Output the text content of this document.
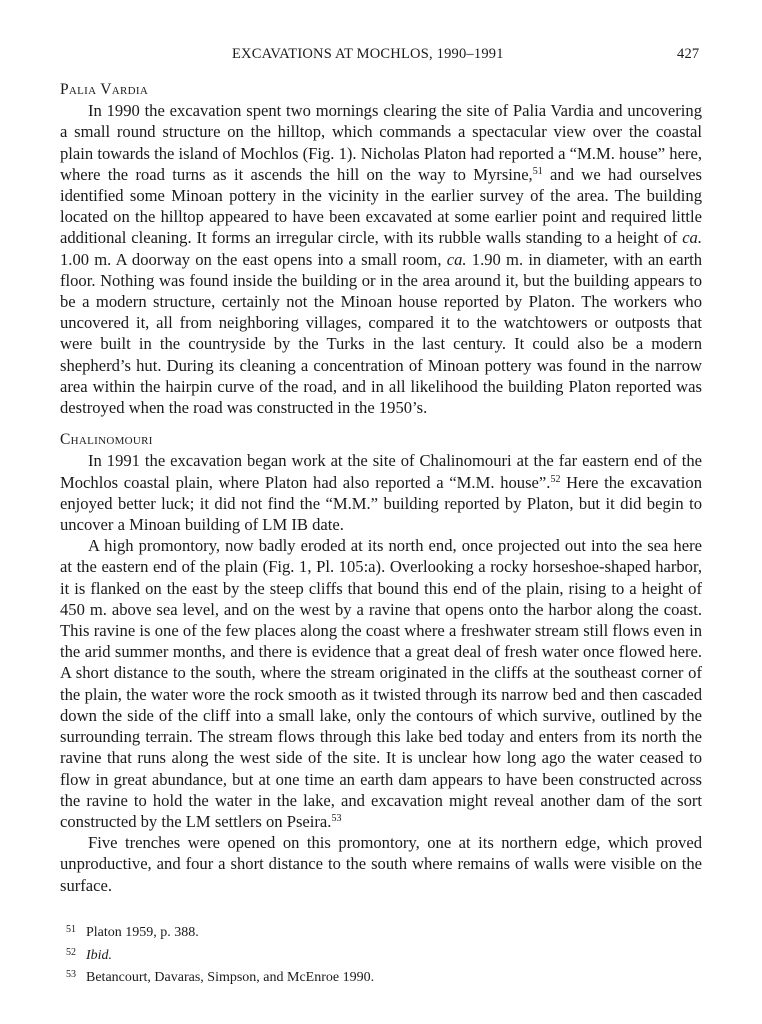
EXCAVATIONS AT MOCHLOS, 1990–1991	427
Palia Vardia

In 1990 the excavation spent two mornings clearing the site of Palia Vardia and uncovering a small round structure on the hilltop, which commands a spectacular view over the coastal plain towards the island of Mochlos (Fig. 1). Nicholas Platon had reported a “M.M. house” here, where the road turns as it ascends the hill on the way to Myrsine,$^{51}$ and we had ourselves identified some Minoan pottery in the vicinity in the earlier survey of the area. The building located on the hilltop appeared to have been excavated at some earlier point and required little additional cleaning. It forms an irregular circle, with its rubble walls standing to a height of ca. 1.00 m. A doorway on the east opens into a small room, ca. 1.90 m. in diameter, with an earth floor. Nothing was found inside the building or in the area around it, but the building appears to be a modern structure, certainly not the Minoan house reported by Platon. The workers who uncovered it, all from neighboring villages, compared it to the watchtowers or outposts that were built in the countryside by the Turks in the last century. It could also be a modern shepherd’s hut. During its cleaning a concentration of Minoan pottery was found in the narrow area within the hairpin curve of the road, and in all likelihood the building Platon reported was destroyed when the road was constructed in the 1950’s.

Chalinomouri

In 1991 the excavation began work at the site of Chalinomouri at the far eastern end of the Mochlos coastal plain, where Platon had also reported a “M.M. house”.$^{52}$ Here the excavation enjoyed better luck; it did not find the “M.M.” building reported by Platon, but it did begin to uncover a Minoan building of LM IB date.

A high promontory, now badly eroded at its north end, once projected out into the sea here at the eastern end of the plain (Fig. 1, Pl. 105:a). Overlooking a rocky horseshoe-shaped harbor, it is flanked on the east by the steep cliffs that bound this end of the plain, rising to a height of 450 m. above sea level, and on the west by a ravine that opens onto the harbor along the coast. This ravine is one of the few places along the coast where a freshwater stream still flows even in the arid summer months, and there is evidence that a great deal of fresh water once flowed here. A short distance to the south, where the stream originated in the cliffs at the southeast corner of the plain, the water wore the rock smooth as it twisted through its narrow bed and then cascaded down the side of the cliff into a small lake, only the contours of which survive, outlined by the surrounding terrain. The stream flows through this lake bed today and enters from its north the ravine that runs along the west side of the site. It is unclear how long ago the water ceased to flow in great abundance, but at one time an earth dam appears to have been constructed across the ravine to hold the water in the lake, and excavation might reveal another dam of the sort constructed by the LM settlers on Pseira.$^{53}$

Five trenches were opened on this promontory, one at its northern edge, which proved unproductive, and four a short distance to the south where remains of walls were visible on the surface.

51 Platon 1959, p. 388.
52 Ibid.
53 Betancourt, Davaras, Simpson, and McEnroe 1990.
